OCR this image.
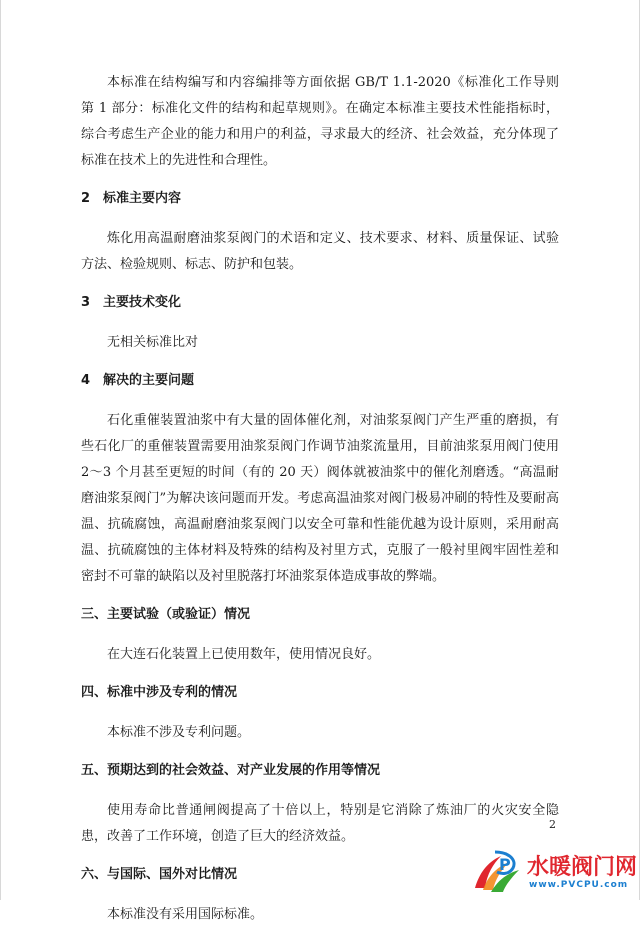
本标准在结构编写和内容编排等方面依据 GB/T 1.1-2020《标准化工作导则 第 1 部分：标准化文件的结构和起草规则》。在确定本标准主要技术性能指标时，综合考虑生产企业的能力和用户的利益，寻求最大的经济、社会效益，充分体现了标准在技术上的先进性和合理性。

2　标准主要内容

炼化用高温耐磨油浆泵阀门的术语和定义、技术要求、材料、质量保证、试验方法、检验规则、标志、防护和包装。

3　主要技术变化

无相关标准比对

4　解决的主要问题

石化重催装置油浆中有大量的固体催化剂，对油浆泵阀门产生严重的磨损，有些石化厂的重催装置需要用油浆泵阀门作调节油浆流量用，目前油浆泵用阀门使用 2～3 个月甚至更短的时间（有的 20 天）阀体就被油浆中的催化剂磨透。“高温耐磨油浆泵阀门”为解决该问题而开发。考虑高温油浆对阀门极易冲刷的特性及要耐高温、抗硫腐蚀，高温耐磨油浆泵阀门以安全可靠和性能优越为设计原则，采用耐高温、抗硫腐蚀的主体材料及特殊的结构及衬里方式，克服了一般衬里阀牢固性差和密封不可靠的缺陷以及衬里脱落打坏油浆泵体造成事故的弊端。

三、主要试验（或验证）情况

在大连石化装置上已使用数年，使用情况良好。

四、标准中涉及专利的情况

本标准不涉及专利问题。

五、预期达到的社会效益、对产业发展的作用等情况

使用寿命比普通闸阀提高了十倍以上，特别是它消除了炼油厂的火灾安全隐患，改善了工作环境，创造了巨大的经济效益。

六、与国际、国外对比情况

本标准没有采用国际标准。

2
P 水暖阀门网
www.PVCPU.com
